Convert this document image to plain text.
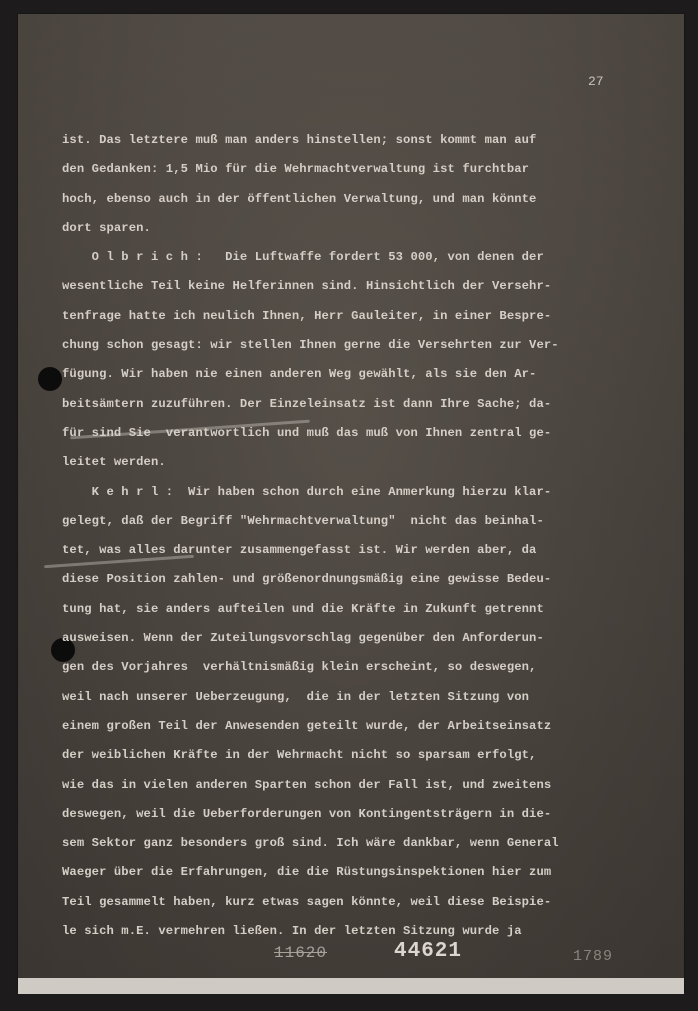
27
ist. Das letztere muß man anders hinstellen; sonst kommt man auf
den Gedanken: 1,5 Mio für die Wehrmachtverwaltung ist furchtbar
hoch, ebenso auch in der öffentlichen Verwaltung, und man könnte
dort sparen.
O l b r i c h :   Die Luftwaffe fordert 53 000, von denen der
wesentliche Teil keine Helferinnen sind. Hinsichtlich der Versehr-
tenfrage hatte ich neulich Ihnen, Herr Gauleiter, in einer Bespre-
chung schon gesagt: wir stellen Ihnen gerne die Versehrten zur Ver-
fügung. Wir haben nie einen anderen Weg gewählt, als sie den Ar-
beitsämtern zuzuführen. Der Einzeleinsatz ist dann Ihre Sache; da-
für sind Sie  verantwortlich und muß das muß von Ihnen zentral ge-
leitet werden.
K e h r l :  Wir haben schon durch eine Anmerkung hierzu klar-
gelegt, daß der Begriff "Wehrmachtverwaltung"  nicht das beinhal-
tet, was alles darunter zusammengefasst ist. Wir werden aber, da
diese Position zahlen- und größenordnungsmäßig eine gewisse Bedeu-
tung hat, sie anders aufteilen und die Kräfte in Zukunft getrennt
ausweisen. Wenn der Zuteilungsvorschlag gegenüber den Anforderun-
gen des Vorjahres  verhältnismäßig klein erscheint, so deswegen,
weil nach unserer Ueberzeugung,  die in der letzten Sitzung von
einem großen Teil der Anwesenden geteilt wurde, der Arbeitseinsatz
der weiblichen Kräfte in der Wehrmacht nicht so sparsam erfolgt,
wie das in vielen anderen Sparten schon der Fall ist, und zweitens
deswegen, weil die Ueberforderungen von Kontingentsträgern in die-
sem Sektor ganz besonders groß sind. Ich wäre dankbar, wenn General
Waeger über die Erfahrungen, die die Rüstungsinspektionen hier zum
Teil gesammelt haben, kurz etwas sagen könnte, weil diese Beispie-
le sich m.E. vermehren ließen. In der letzten Sitzung wurde ja
11620	44621	1789
